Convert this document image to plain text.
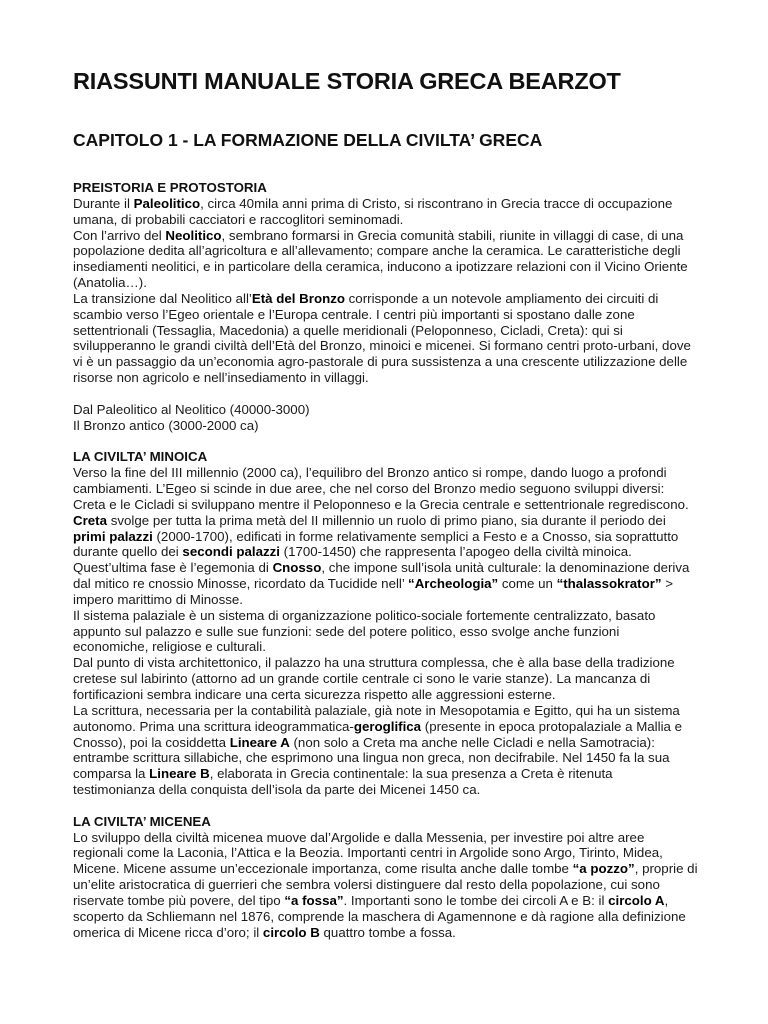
RIASSUNTI MANUALE STORIA GRECA BEARZOT
CAPITOLO 1 - LA FORMAZIONE DELLA CIVILTA’ GRECA

PREISTORIA E PROTOSTORIA

Durante il Paleolitico, circa 40mila anni prima di Cristo, si riscontrano in Grecia tracce di occupazione umana, di probabili cacciatori e raccoglitori seminomadi.

Con l’arrivo del Neolitico, sembrano formarsi in Grecia comunità stabili, riunite in villaggi di case, di una popolazione dedita all’agricoltura e all’allevamento; compare anche la ceramica. Le caratteristiche degli insediamenti neolitici, e in particolare della ceramica, inducono a ipotizzare relazioni con il Vicino Oriente (Anatolia…).

La transizione dal Neolitico all’Età del Bronzo corrisponde a un notevole ampliamento dei circuiti di scambio verso l’Egeo orientale e l’Europa centrale. I centri più importanti si spostano dalle zone settentrionali (Tessaglia, Macedonia) a quelle meridionali (Peloponneso, Cicladi, Creta): qui si svilupperanno le grandi civiltà dell’Età del Bronzo, minoici e micenei. Si formano centri proto-urbani, dove vi è un passaggio da un’economia agro-pastorale di pura sussistenza a una crescente utilizzazione delle risorse non agricolo e nell’insediamento in villaggi.

Dal Paleolitico al Neolitico (40000-3000)

Il Bronzo antico (3000-2000 ca)

LA CIVILTA’ MINOICA

Verso la fine del III millennio (2000 ca), l’equilibro del Bronzo antico si rompe, dando luogo a profondi cambiamenti. L’Egeo si scinde in due aree, che nel corso del Bronzo medio seguono sviluppi diversi: Creta e le Cicladi si sviluppano mentre il Peloponneso e la Grecia centrale e settentrionale regrediscono.

Creta svolge per tutta la prima metà del II millennio un ruolo di primo piano, sia durante il periodo dei primi palazzi (2000-1700), edificati in forme relativamente semplici a Festo e a Cnosso, sia soprattutto durante quello dei secondi palazzi (1700-1450) che rappresenta l’apogeo della civiltà minoica. Quest’ultima fase è l’egemonia di Cnosso, che impone sull’isola unità culturale: la denominazione deriva dal mitico re cnossio Minosse, ricordato da Tucidide nell’ “Archeologia” come un “thalassokrator” > impero marittimo di Minosse.

Il sistema palaziale è un sistema di organizzazione politico-sociale fortemente centralizzato, basato appunto sul palazzo e sulle sue funzioni: sede del potere politico, esso svolge anche funzioni economiche, religiose e culturali.

Dal punto di vista architettonico, il palazzo ha una struttura complessa, che è alla base della tradizione cretese sul labirinto (attorno ad un grande cortile centrale ci sono le varie stanze). La mancanza di fortificazioni sembra indicare una certa sicurezza rispetto alle aggressioni esterne.

La scrittura, necessaria per la contabilità palaziale, già note in Mesopotamia e Egitto, qui ha un sistema autonomo. Prima una scrittura ideogrammatica-geroglifica (presente in epoca protopalaziale a Mallia e Cnosso), poi la cosiddetta Lineare A (non solo a Creta ma anche nelle Cicladi e nella Samotracia): entrambe scrittura sillabiche, che esprimono una lingua non greca, non decifrabile. Nel 1450 fa la sua comparsa la Lineare B, elaborata in Grecia continentale: la sua presenza a Creta è ritenuta testimonianza della conquista dell’isola da parte dei Micenei 1450 ca.

LA CIVILTA’ MICENEA

Lo sviluppo della civiltà micenea muove dal’Argolide e dalla Messenia, per investire poi altre aree regionali come la Laconia, l’Attica e la Beozia. Importanti centri in Argolide sono Argo, Tirinto, Midea, Micene. Micene assume un’eccezionale importanza, come risulta anche dalle tombe “a pozzo”, proprie di un’elite aristocratica di guerrieri che sembra volersi distinguere dal resto della popolazione, cui sono riservate tombe più povere, del tipo “a fossa”. Importanti sono le tombe dei circoli A e B: il circolo A, scoperto da Schliemann nel 1876, comprende la maschera di Agamennone e dà ragione alla definizione omerica di Micene ricca d’oro; il circolo B quattro tombe a fossa.
